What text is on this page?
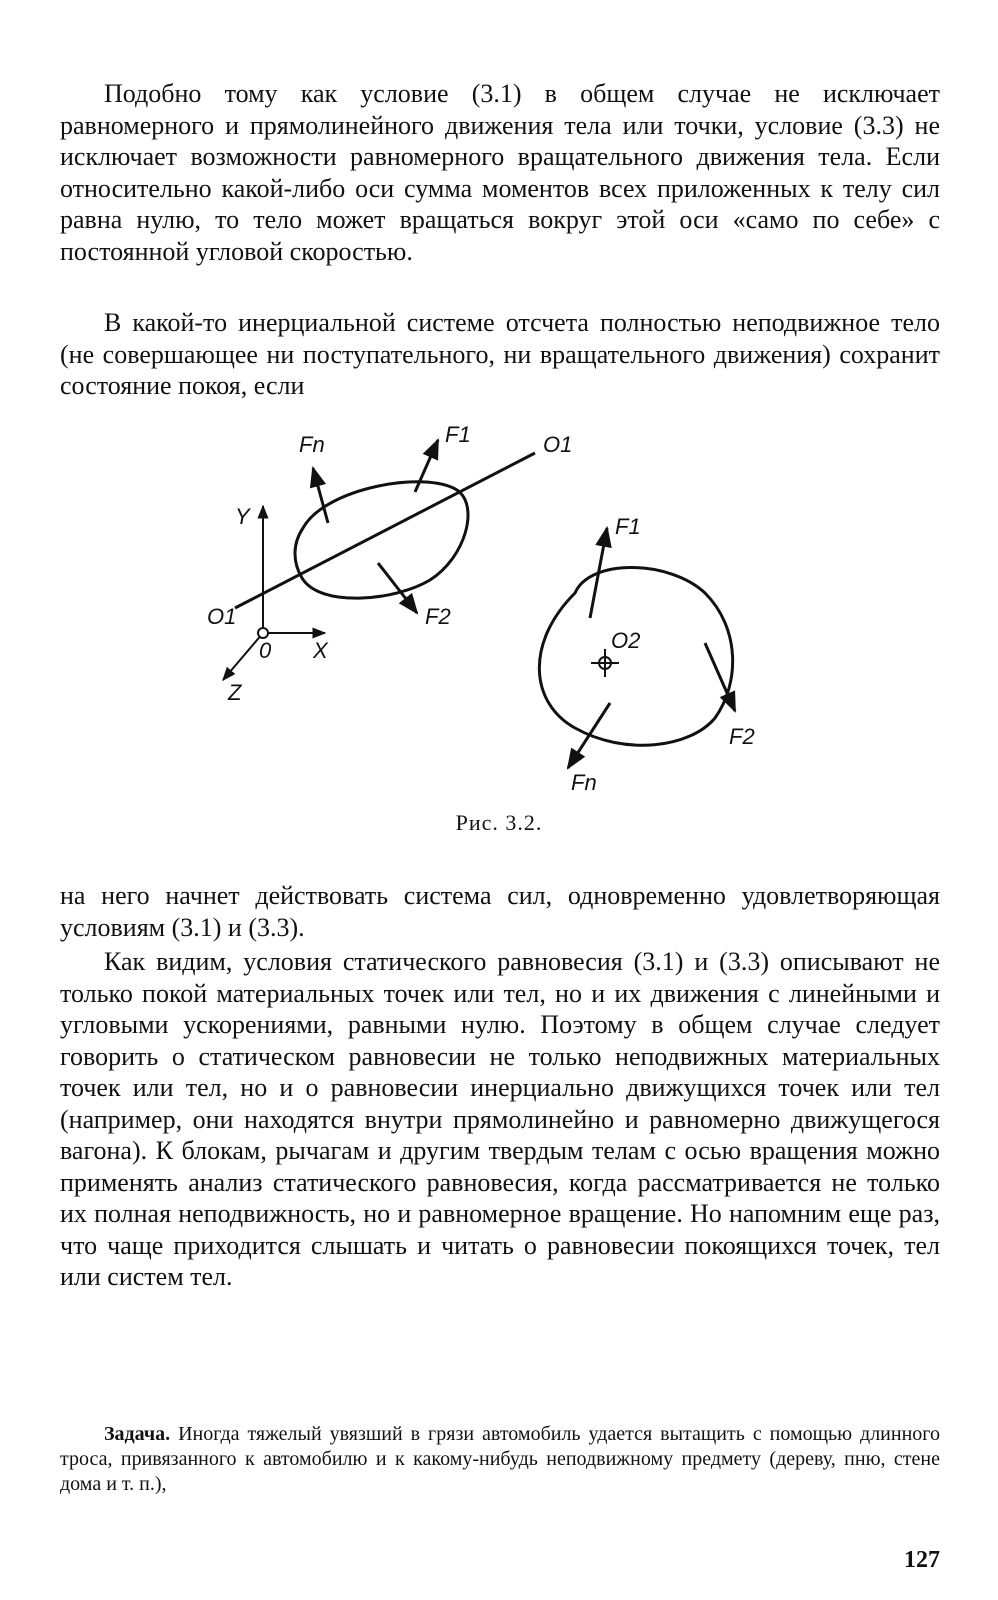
Подобно тому как условие (3.1) в общем случае не исключает равномерного и прямолинейного движения тела или точки, условие (3.3) не исключает возможности равномерного вращательного движения тела. Если относительно какой-либо оси сумма моментов всех приложенных к телу сил равна нулю, то тело может вращаться вокруг этой оси «само по себе» с постоянной угловой скоростью.

В какой-то инерциальной системе отсчета полностью неподвижное тело (не совершающее ни поступательного, ни вращательного движения) сохранит состояние покоя, если

Fn	F1	O1
Y
O1	F2
0 X
Z
F1
O2
F2
Fn
Рис. 3.2.

на него начнет действовать система сил, одновременно удовлетворяющая условиям (3.1) и (3.3).

Как видим, условия статического равновесия (3.1) и (3.3) описывают не только покой материальных точек или тел, но и их движения с линейными и угловыми ускорениями, равными нулю. Поэтому в общем случае следует говорить о статическом равновесии не только неподвижных материальных точек или тел, но и о равновесии инерциально движущихся точек или тел (например, они находятся внутри прямолинейно и равномерно движущегося вагона). К блокам, рычагам и другим твердым телам с осью вращения можно применять анализ статического равновесия, когда рассматривается не только их полная неподвижность, но и равномерное вращение. Но напомним еще раз, что чаще приходится слышать и читать о равновесии покоящихся точек, тел или систем тел.

Задача. Иногда тяжелый увязший в грязи автомобиль удается вытащить с помощью длинного троса, привязанного к автомобилю и к какому-нибудь неподвижному предмету (дереву, пню, стене дома и т. п.),

127
